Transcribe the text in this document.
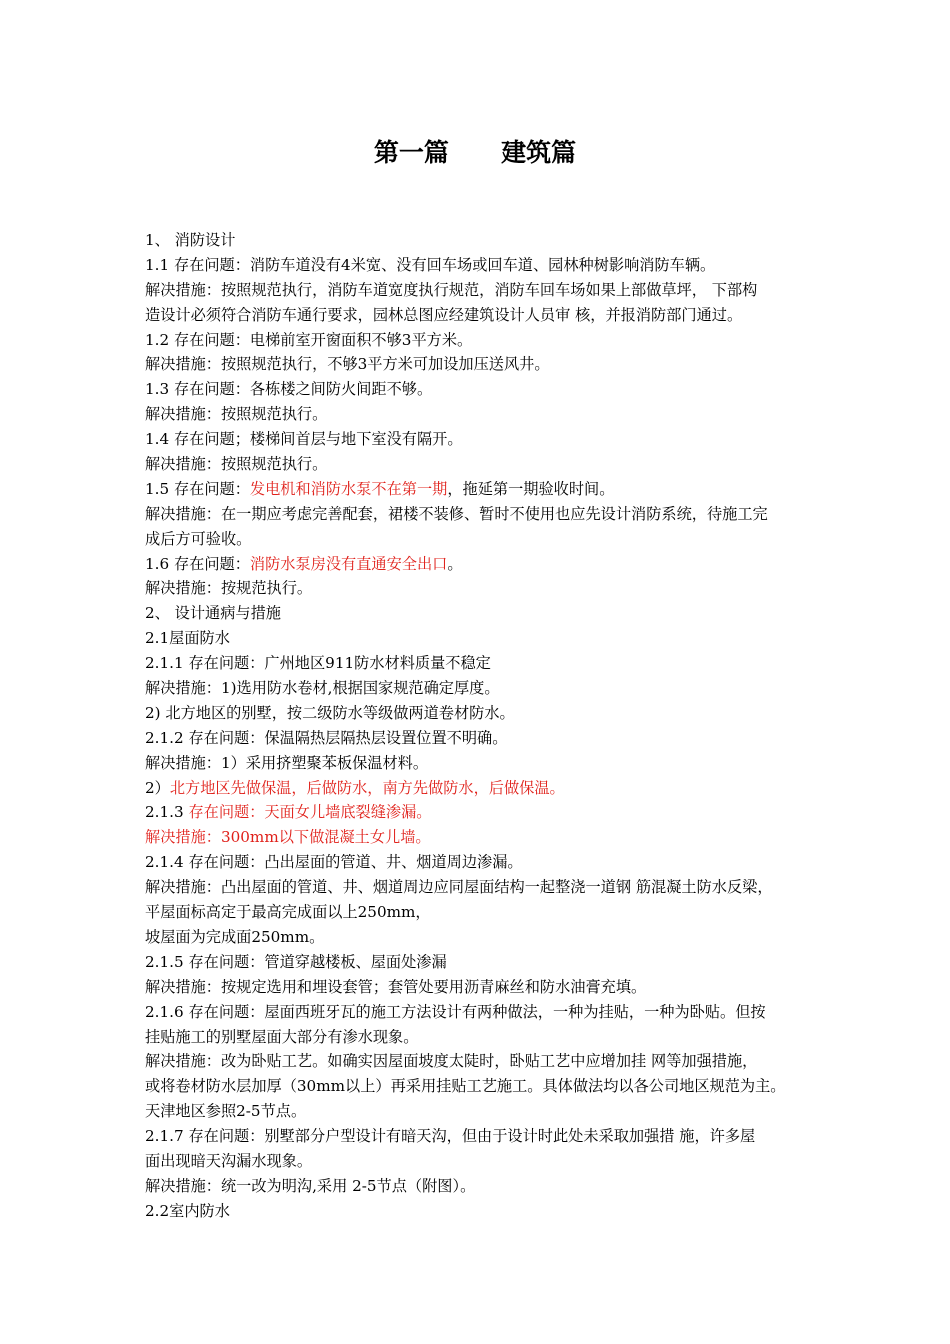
第一篇      建筑篇
1、 消防设计
1.1 存在问题：消防车道没有4米宽、没有回车场或回车道、园林种树影响消防车辆。
解决措施：按照规范执行，消防车道宽度执行规范，消防车回车场如果上部做草坪， 下部构
造设计必须符合消防车通行要求，园林总图应经建筑设计人员审 核，并报消防部门通过。
1.2 存在问题：电梯前室开窗面积不够3平方米。
解决措施：按照规范执行，不够3平方米可加设加压送风井。
1.3 存在问题：各栋楼之间防火间距不够。
解决措施：按照规范执行。
1.4 存在问题；楼梯间首层与地下室没有隔开。
解决措施：按照规范执行。
1.5 存在问题：发电机和消防水泵不在第一期，拖延第一期验收时间。
解决措施：在一期应考虑完善配套，裙楼不装修、暂时不使用也应先设计消防系统，待施工完
成后方可验收。
1.6 存在问题：消防水泵房没有直通安全出口。
解决措施：按规范执行。
2、 设计通病与措施
2.1屋面防水
2.1.1 存在问题：广州地区911防水材料质量不稳定
解决措施：1)选用防水卷材,根据国家规范确定厚度。
2) 北方地区的别墅，按二级防水等级做两道卷材防水。
2.1.2 存在问题：保温隔热层隔热层设置位置不明确。
解决措施：1）采用挤塑聚苯板保温材料。
2）北方地区先做保温，后做防水，南方先做防水，后做保温。
2.1.3 存在问题：天面女儿墙底裂缝渗漏。
解决措施：300mm以下做混凝土女儿墙。
2.1.4 存在问题：凸出屋面的管道、井、烟道周边渗漏。
解决措施：凸出屋面的管道、井、烟道周边应同屋面结构一起整浇一道钢 筋混凝土防水反梁，
平屋面标高定于最高完成面以上250mm，
坡屋面为完成面250mm。
2.1.5 存在问题：管道穿越楼板、屋面处渗漏
解决措施：按规定选用和埋设套管；套管处要用沥青麻丝和防水油膏充填。
2.1.6 存在问题：屋面西班牙瓦的施工方法设计有两种做法，一种为挂贴，一种为卧贴。但按
挂贴施工的别墅屋面大部分有渗水现象。
解决措施：改为卧贴工艺。如确实因屋面坡度太陡时，卧贴工艺中应增加挂 网等加强措施，
或将卷材防水层加厚（30mm以上）再采用挂贴工艺施工。具体做法均以各公司地区规范为主。
天津地区参照2-5节点。
2.1.7 存在问题：别墅部分户型设计有暗天沟，但由于设计时此处未采取加强措 施，许多屋
面出现暗天沟漏水现象。
解决措施：统一改为明沟,采用 2-5节点（附图）。
2.2室内防水
